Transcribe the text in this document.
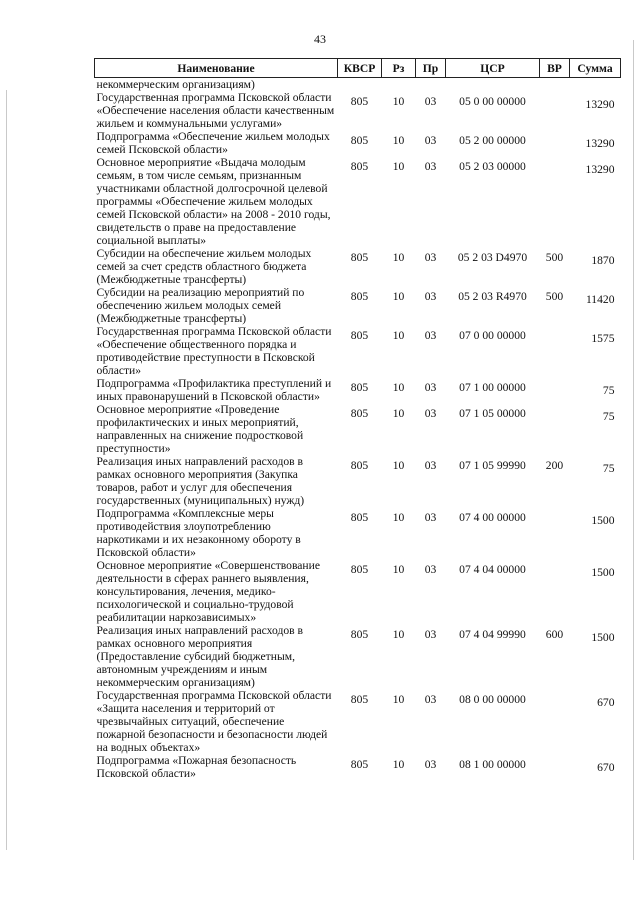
43
Наименование	КВСР	Рз	Пр	ЦСР	ВР	Сумма
некоммерческим организациям)						
Государственная программа Псковской области «Обеспечение населения области качественным жильем и коммунальными услугами»	805	10	03	05 0 00 00000		13290
Подпрограмма «Обеспечение жильем молодых семей Псковской области»	805	10	03	05 2 00 00000		13290
Основное мероприятие «Выдача молодым семьям, в том числе семьям, признанным участниками областной долгосрочной целевой программы «Обеспечение жильем молодых семей Псковской области» на 2008 - 2010 годы, свидетельств о праве на предоставление социальной выплаты»	805	10	03	05 2 03 00000		13290
Субсидии на обеспечение жильем молодых семей за счет средств областного бюджета (Межбюджетные трансферты)	805	10	03	05 2 03 D4970	500	1870
Субсидии на реализацию мероприятий по обеспечению жильем молодых семей (Межбюджетные трансферты)	805	10	03	05 2 03 R4970	500	11420
Государственная программа Псковской области «Обеспечение общественного порядка и противодействие преступности в Псковской области»	805	10	03	07 0 00 00000		1575
Подпрограмма «Профилактика преступлений и иных правонарушений в Псковской области»	805	10	03	07 1 00 00000		75
Основное мероприятие «Проведение профилактических и иных мероприятий, направленных на снижение подростковой преступности»	805	10	03	07 1 05 00000		75
Реализация иных направлений расходов в рамках основного мероприятия (Закупка товаров, работ и услуг для обеспечения государственных (муниципальных) нужд)	805	10	03	07 1 05 99990	200	75
Подпрограмма «Комплексные меры противодействия злоупотреблению наркотиками и их незаконному обороту в Псковской области»	805	10	03	07 4 00 00000		1500
Основное мероприятие «Совершенствование деятельности в сферах раннего выявления, консультирования, лечения, медико-психологической и социально-трудовой реабилитации наркозависимых»	805	10	03	07 4 04 00000		1500
Реализация иных направлений расходов в рамках основного мероприятия (Предоставление субсидий бюджетным, автономным учреждениям и иным некоммерческим организациям)	805	10	03	07 4 04 99990	600	1500
Государственная программа Псковской области «Защита населения и территорий от чрезвычайных ситуаций, обеспечение пожарной безопасности и безопасности людей на водных объектах»	805	10	03	08 0 00 00000		670
Подпрограмма «Пожарная безопасность Псковской области»	805	10	03	08 1 00 00000		670
